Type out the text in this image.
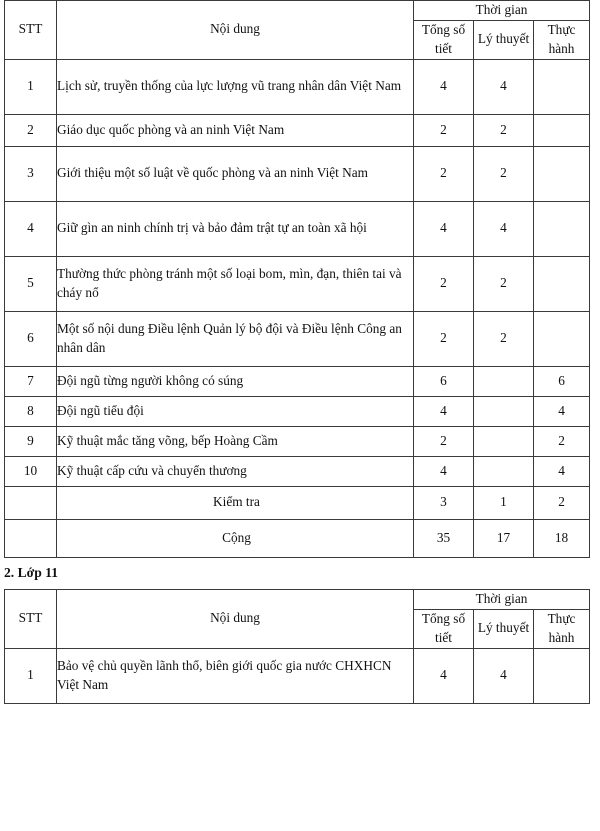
STT	Nội dung	Thời gian		
		Tổng số tiết	Lý thuyết	Thực hành
1	Lịch sử, truyền thống của lực lượng vũ trang nhân dân Việt Nam	4	4	
2	Giáo dục quốc phòng và an ninh Việt Nam	2	2	
3	Giới thiệu một số luật về quốc phòng và an ninh Việt Nam	2	2	
4	Giữ gìn an ninh chính trị và bảo đảm trật tự an toàn xã hội	4	4	
5	Thường thức phòng tránh một số loại bom, mìn, đạn, thiên tai và cháy nổ	2	2	
6	Một số nội dung Điều lệnh Quản lý bộ đội và Điều lệnh Công an nhân dân	2	2	
7	Đội ngũ từng người không có súng	6		6
8	Đội ngũ tiểu đội	4		4
9	Kỹ thuật mắc tăng võng, bếp Hoàng Cầm	2		2
10	Kỹ thuật cấp cứu và chuyển thương	4		4
	Kiểm tra	3	1	2
	Cộng	35	17	18
2. Lớp 11
STT	Nội dung	Thời gian		
		Tổng số tiết	Lý thuyết	Thực hành
1	Bảo vệ chủ quyền lãnh thổ, biên giới quốc gia nước CHXHCN Việt Nam	4	4	
